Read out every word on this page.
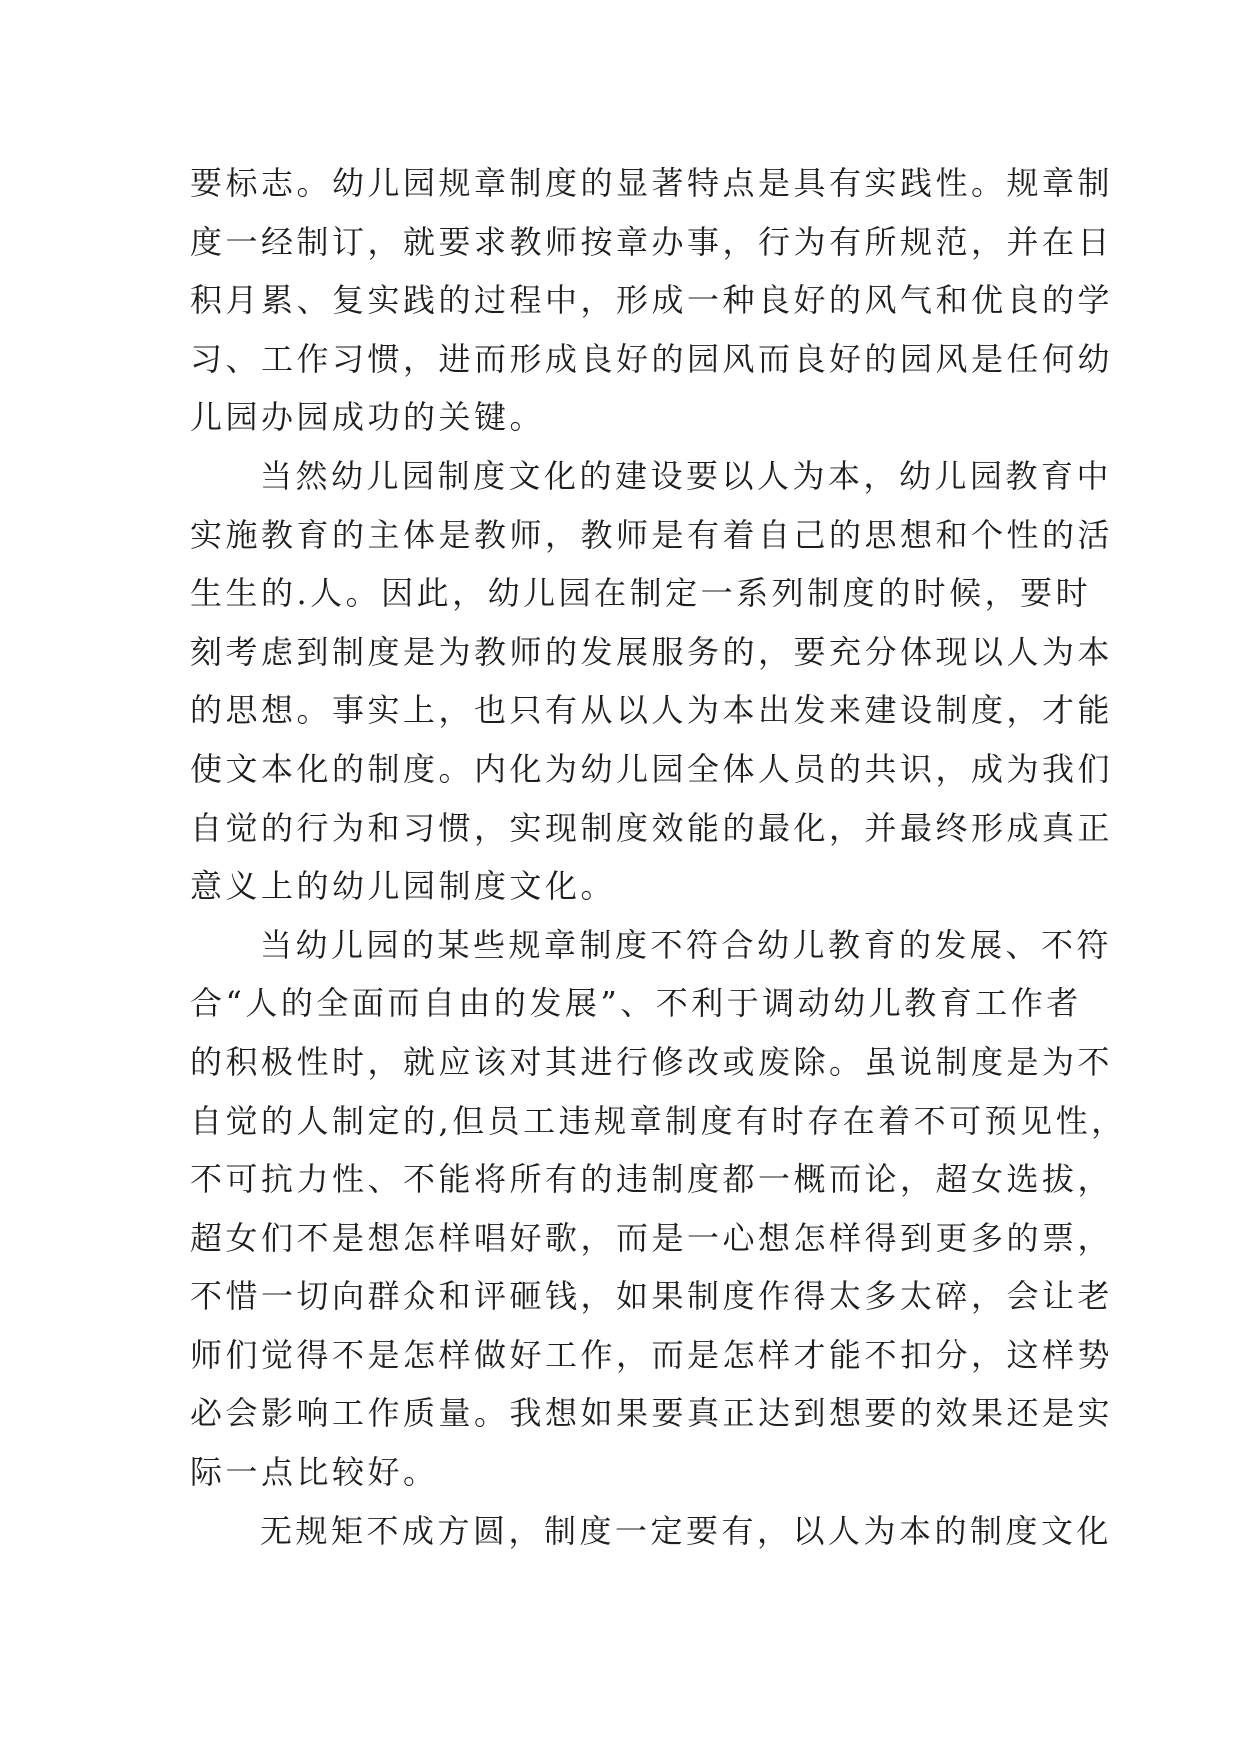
要标志。幼儿园规章制度的显著特点是具有实践性。规章制
度一经制订，就要求教师按章办事，行为有所规范，并在日
积月累、复实践的过程中，形成一种良好的风气和优良的学
习、工作习惯，进而形成良好的园风而良好的园风是任何幼
儿园办园成功的关键。
当然幼儿园制度文化的建设要以人为本，幼儿园教育中
实施教育的主体是教师，教师是有着自己的思想和个性的活
生生的.人。因此，幼儿园在制定一系列制度的时候，要时
刻考虑到制度是为教师的发展服务的，要充分体现以人为本
的思想。事实上，也只有从以人为本出发来建设制度，才能
使文本化的制度。内化为幼儿园全体人员的共识，成为我们
自觉的行为和习惯，实现制度效能的最化，并最终形成真正
意义上的幼儿园制度文化。
当幼儿园的某些规章制度不符合幼儿教育的发展、不符
合“人的全面而自由的发展”、不利于调动幼儿教育工作者
的积极性时，就应该对其进行修改或废除。虽说制度是为不
自觉的人制定的,但员工违规章制度有时存在着不可预见性，
不可抗力性、不能将所有的违制度都一概而论，超女选拔，
超女们不是想怎样唱好歌，而是一心想怎样得到更多的票，
不惜一切向群众和评砸钱，如果制度作得太多太碎，会让老
师们觉得不是怎样做好工作，而是怎样才能不扣分，这样势
必会影响工作质量。我想如果要真正达到想要的效果还是实
际一点比较好。
无规矩不成方圆，制度一定要有，以人为本的制度文化
